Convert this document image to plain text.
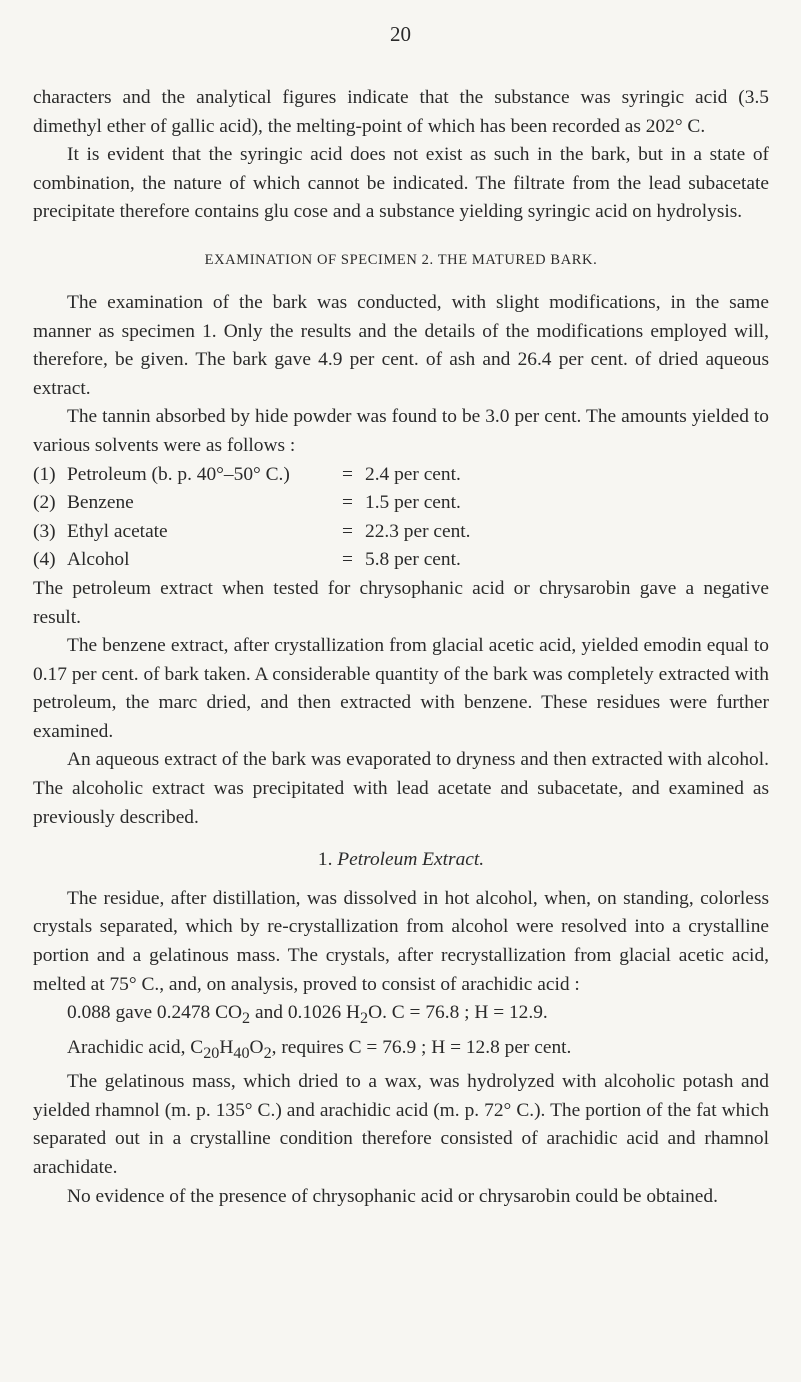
20

characters and the analytical figures indicate that the substance was syringic acid (3.5 dimethyl ether of gallic acid), the melting-point of which has been recorded as 202° C.

It is evident that the syringic acid does not exist as such in the bark, but in a state of combination, the nature of which cannot be indicated. The filtrate from the lead subacetate precipitate therefore contains glu cose and a substance yielding syringic acid on hydrolysis.

EXAMINATION OF SPECIMEN 2. THE MATURED BARK.

The examination of the bark was conducted, with slight modifications, in the same manner as specimen 1. Only the results and the details of the modifications employed will, therefore, be given. The bark gave 4.9 per cent. of ash and 26.4 per cent. of dried aqueous extract.

The tannin absorbed by hide powder was found to be 3.0 per cent. The amounts yielded to various solvents were as follows :

(1) Petroleum (b. p. 40°–50° C.)	= 2.4 per cent.
(2) Benzene	= 1.5 per cent.
(3) Ethyl acetate	= 22.3 per cent.
(4) Alcohol	= 5.8 per cent.

The petroleum extract when tested for chrysophanic acid or chrysarobin gave a negative result.

The benzene extract, after crystallization from glacial acetic acid, yielded emodin equal to 0.17 per cent. of bark taken. A considerable quantity of the bark was completely extracted with petroleum, the marc dried, and then extracted with benzene. These residues were further examined.

An aqueous extract of the bark was evaporated to dryness and then extracted with alcohol. The alcoholic extract was precipitated with lead acetate and subacetate, and examined as previously described.

1. Petroleum Extract.

The residue, after distillation, was dissolved in hot alcohol, when, on standing, colorless crystals separated, which by re-crystallization from alcohol were resolved into a crystalline portion and a gelatinous mass. The crystals, after recrystallization from glacial acetic acid, melted at 75° C., and, on analysis, proved to consist of arachidic acid :

0.088 gave 0.2478 $CO_2$ and 0.1026 $H_2O$. C = 76.8 ; H = 12.9.
Arachidic acid, $C_{20}H_{40}O_2$, requires C = 76.9 ; H = 12.8 per cent.

The gelatinous mass, which dried to a wax, was hydrolyzed with alcoholic potash and yielded rhamnol (m. p. 135° C.) and arachidic acid (m. p. 72° C.). The portion of the fat which separated out in a crystalline condition therefore consisted of arachidic acid and rhamnol arachidate.

No evidence of the presence of chrysophanic acid or chrysarobin could be obtained.
